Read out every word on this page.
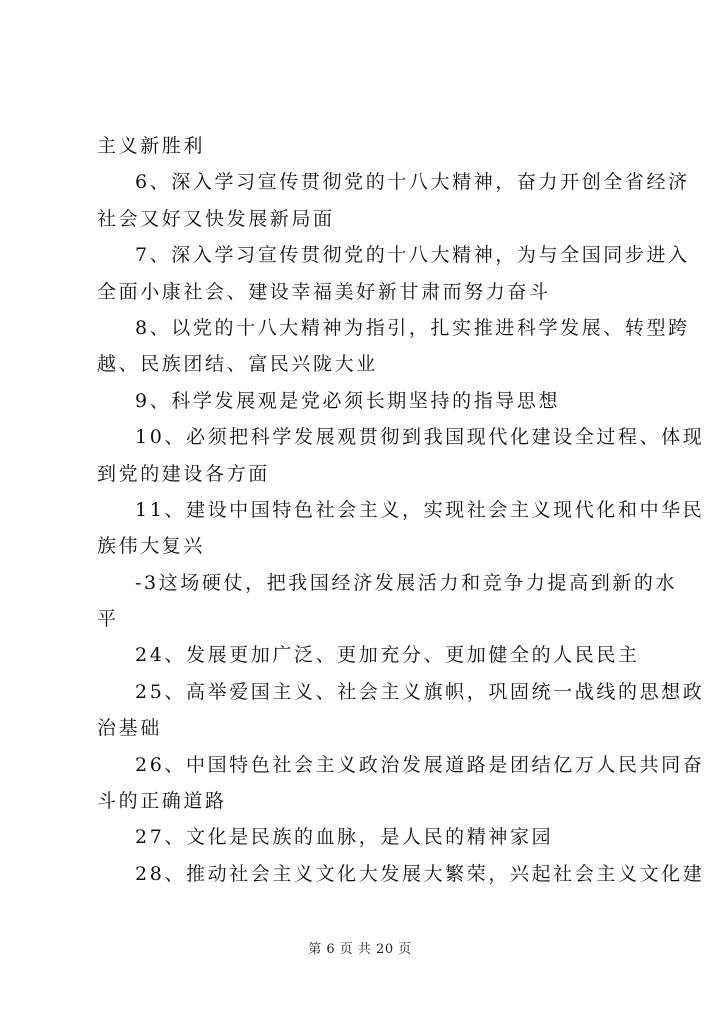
主义新胜利
6、深入学习宣传贯彻党的十八大精神，奋力开创全省经济
社会又好又快发展新局面
7、深入学习宣传贯彻党的十八大精神，为与全国同步进入
全面小康社会、建设幸福美好新甘肃而努力奋斗
8、以党的十八大精神为指引，扎实推进科学发展、转型跨
越、民族团结、富民兴陇大业
9、科学发展观是党必须长期坚持的指导思想
10、必须把科学发展观贯彻到我国现代化建设全过程、体现
到党的建设各方面
11、建设中国特色社会主义，实现社会主义现代化和中华民
族伟大复兴
-3这场硬仗，把我国经济发展活力和竞争力提高到新的水
平
24、发展更加广泛、更加充分、更加健全的人民民主
25、高举爱国主义、社会主义旗帜，巩固统一战线的思想政
治基础
26、中国特色社会主义政治发展道路是团结亿万人民共同奋
斗的正确道路
27、文化是民族的血脉，是人民的精神家园
28、推动社会主义文化大发展大繁荣，兴起社会主义文化建
第 6 页 共 20 页
